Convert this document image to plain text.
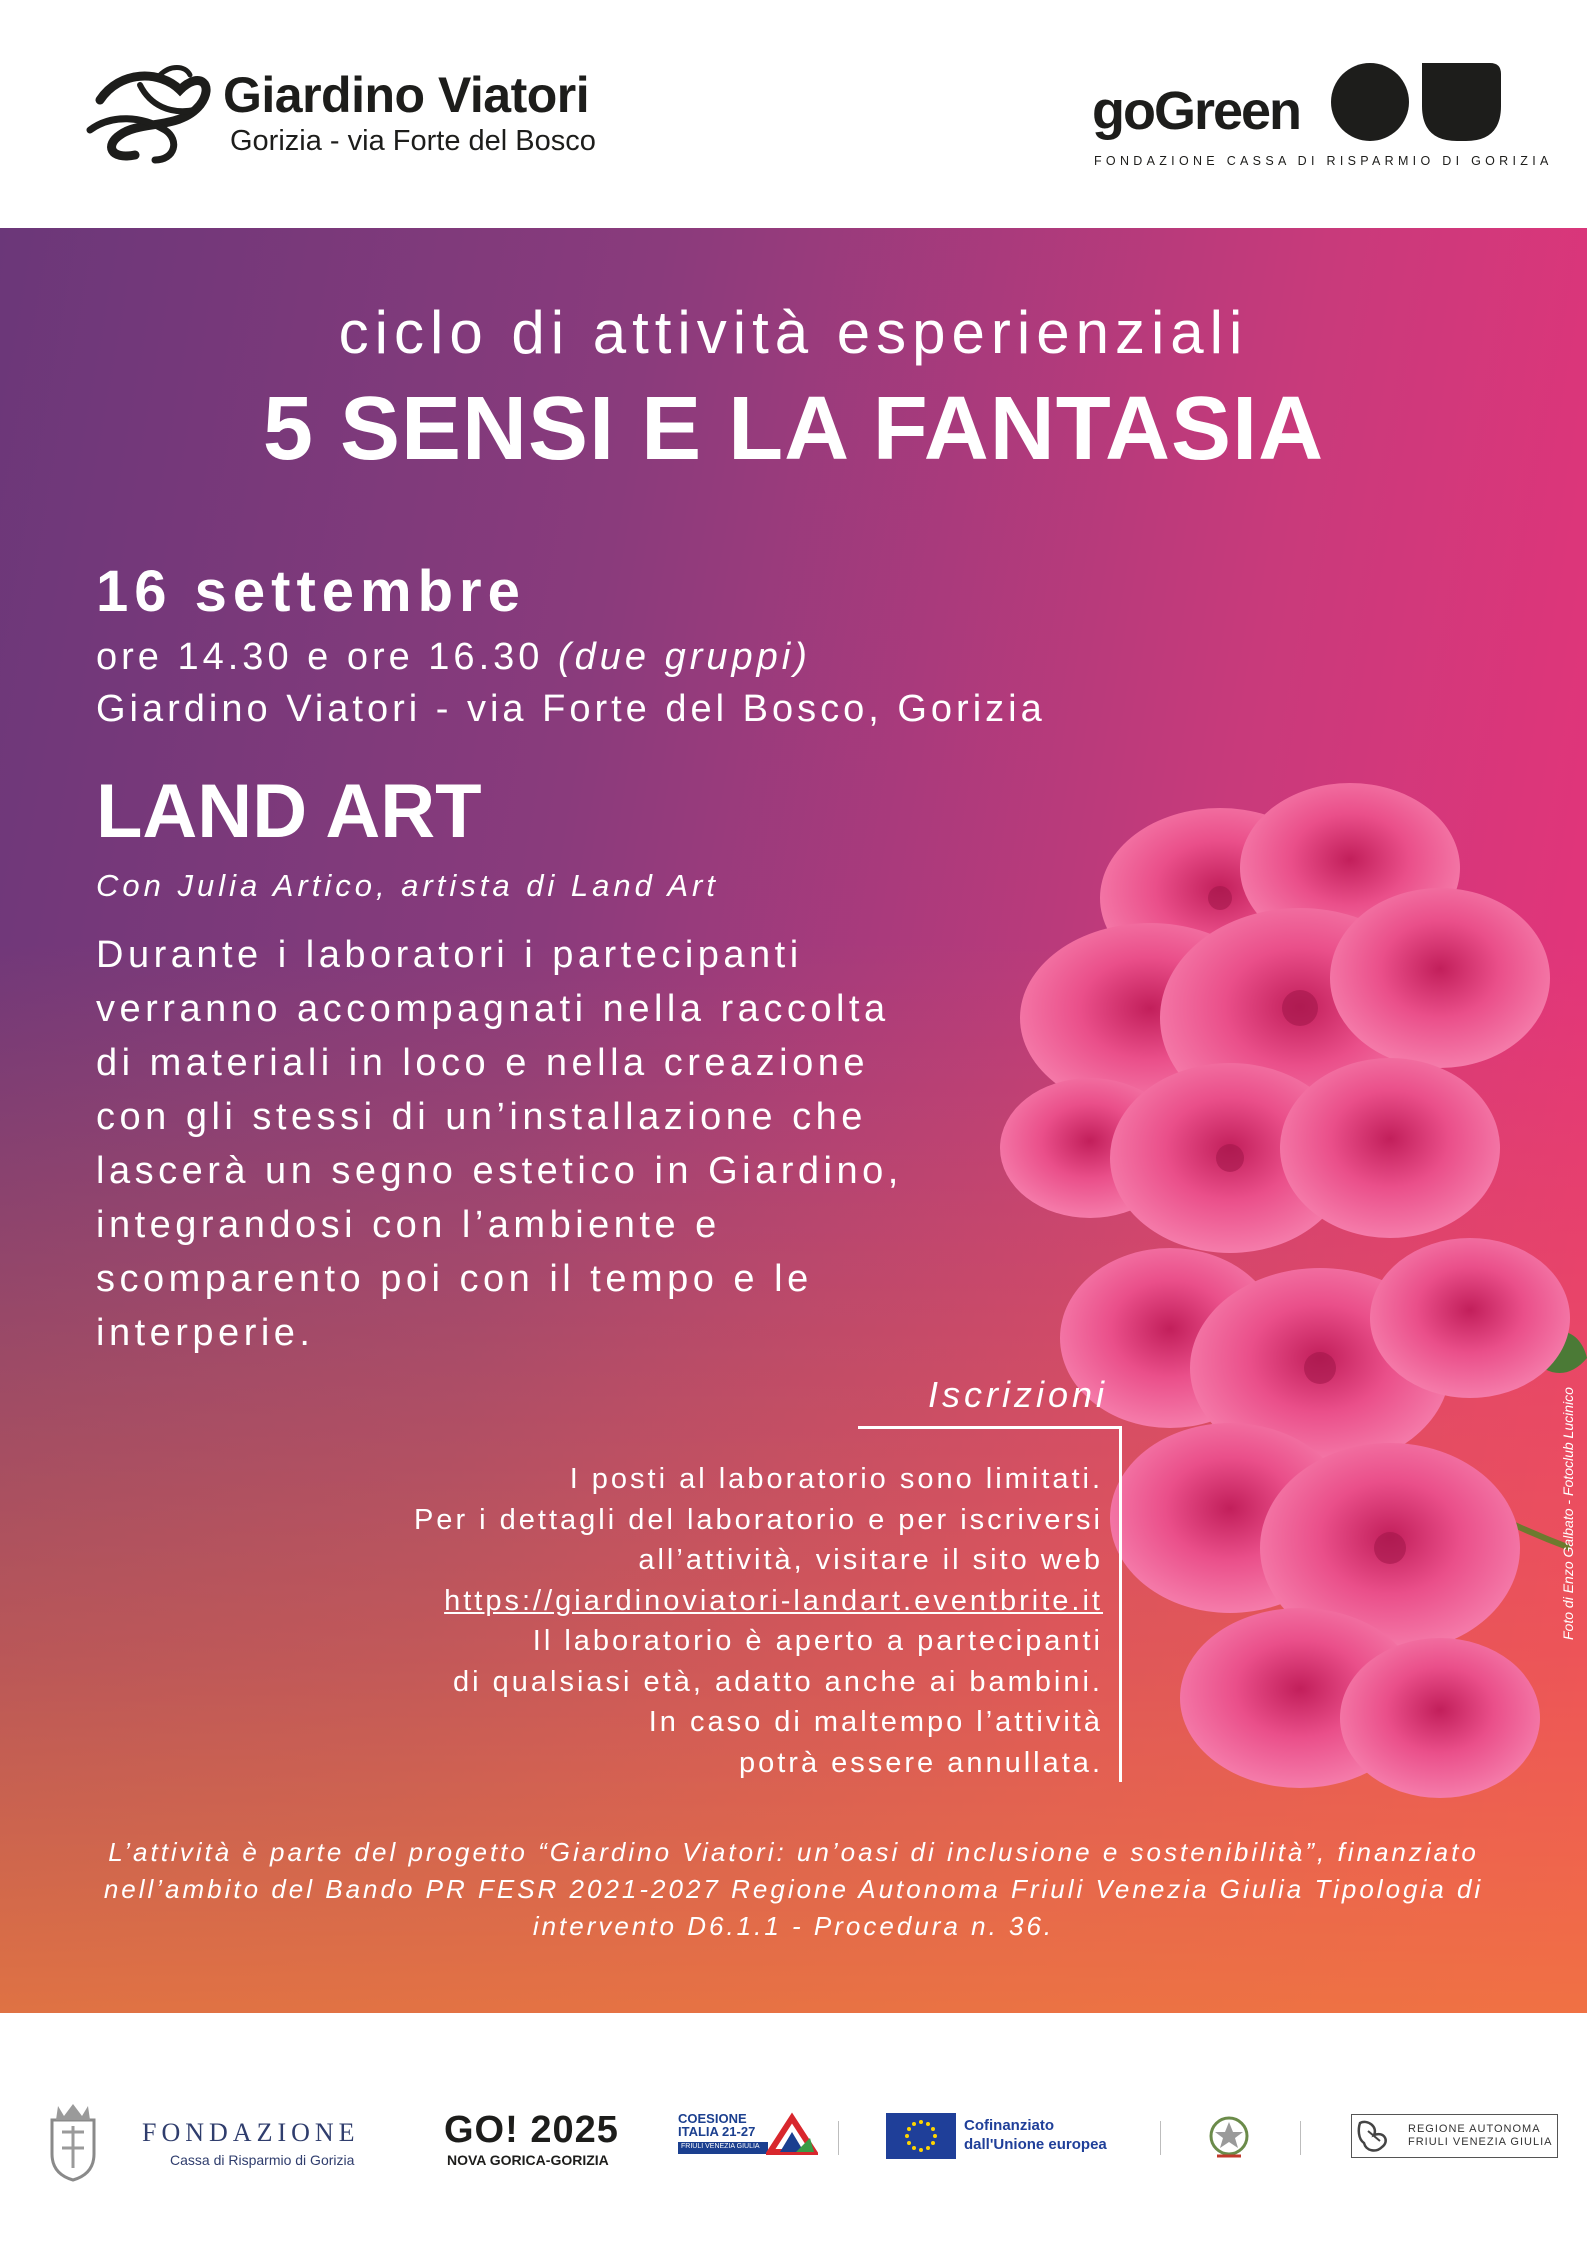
Giardino Viatori
Gorizia - via Forte del Bosco	goGreen
FONDAZIONE CASSA DI RISPARMIO DI GORIZIA
ciclo di attività esperienziali
5 SENSI E LA FANTASIA
16 settembre
ore 14.30 e ore 16.30 (due gruppi)
Giardino Viatori - via Forte del Bosco, Gorizia
LAND ART
Con Julia Artico, artista di Land Art
Durante i laboratori i partecipanti
verranno accompagnati nella raccolta
di materiali in loco e nella creazione
con gli stessi di un’installazione che
lascerà un segno estetico in Giardino,
integrandosi con l’ambiente e
scomparento poi con il tempo e le
interperie.
Iscrizioni
I posti al laboratorio sono limitati.
Per i dettagli del laboratorio e per iscriversi
all’attività, visitare il sito web
https://giardinoviatori-landart.eventbrite.it
Il laboratorio è aperto a partecipanti
di qualsiasi età, adatto anche ai bambini.
In caso di maltempo l’attività
potrà essere annullata.
Foto di Enzo Galbato - Fotoclub Lucinico
L’attività è parte del progetto “Giardino Viatori: un’oasi di inclusione e sostenibilità”, finanziato
nell’ambito del Bando PR FESR 2021-2027 Regione Autonoma Friuli Venezia Giulia Tipologia di
intervento D6.1.1 - Procedura n. 36.
FONDAZIONE
Cassa di Risparmio di Gorizia
GO! 2025
NOVA GORICA-GORIZIA
COESIONE
ITALIA 21-27
FRIULI VENEZIA GIULIA
Cofinanziato
dall'Unione europea
REGIONE AUTONOMA
FRIULI VENEZIA GIULIA
